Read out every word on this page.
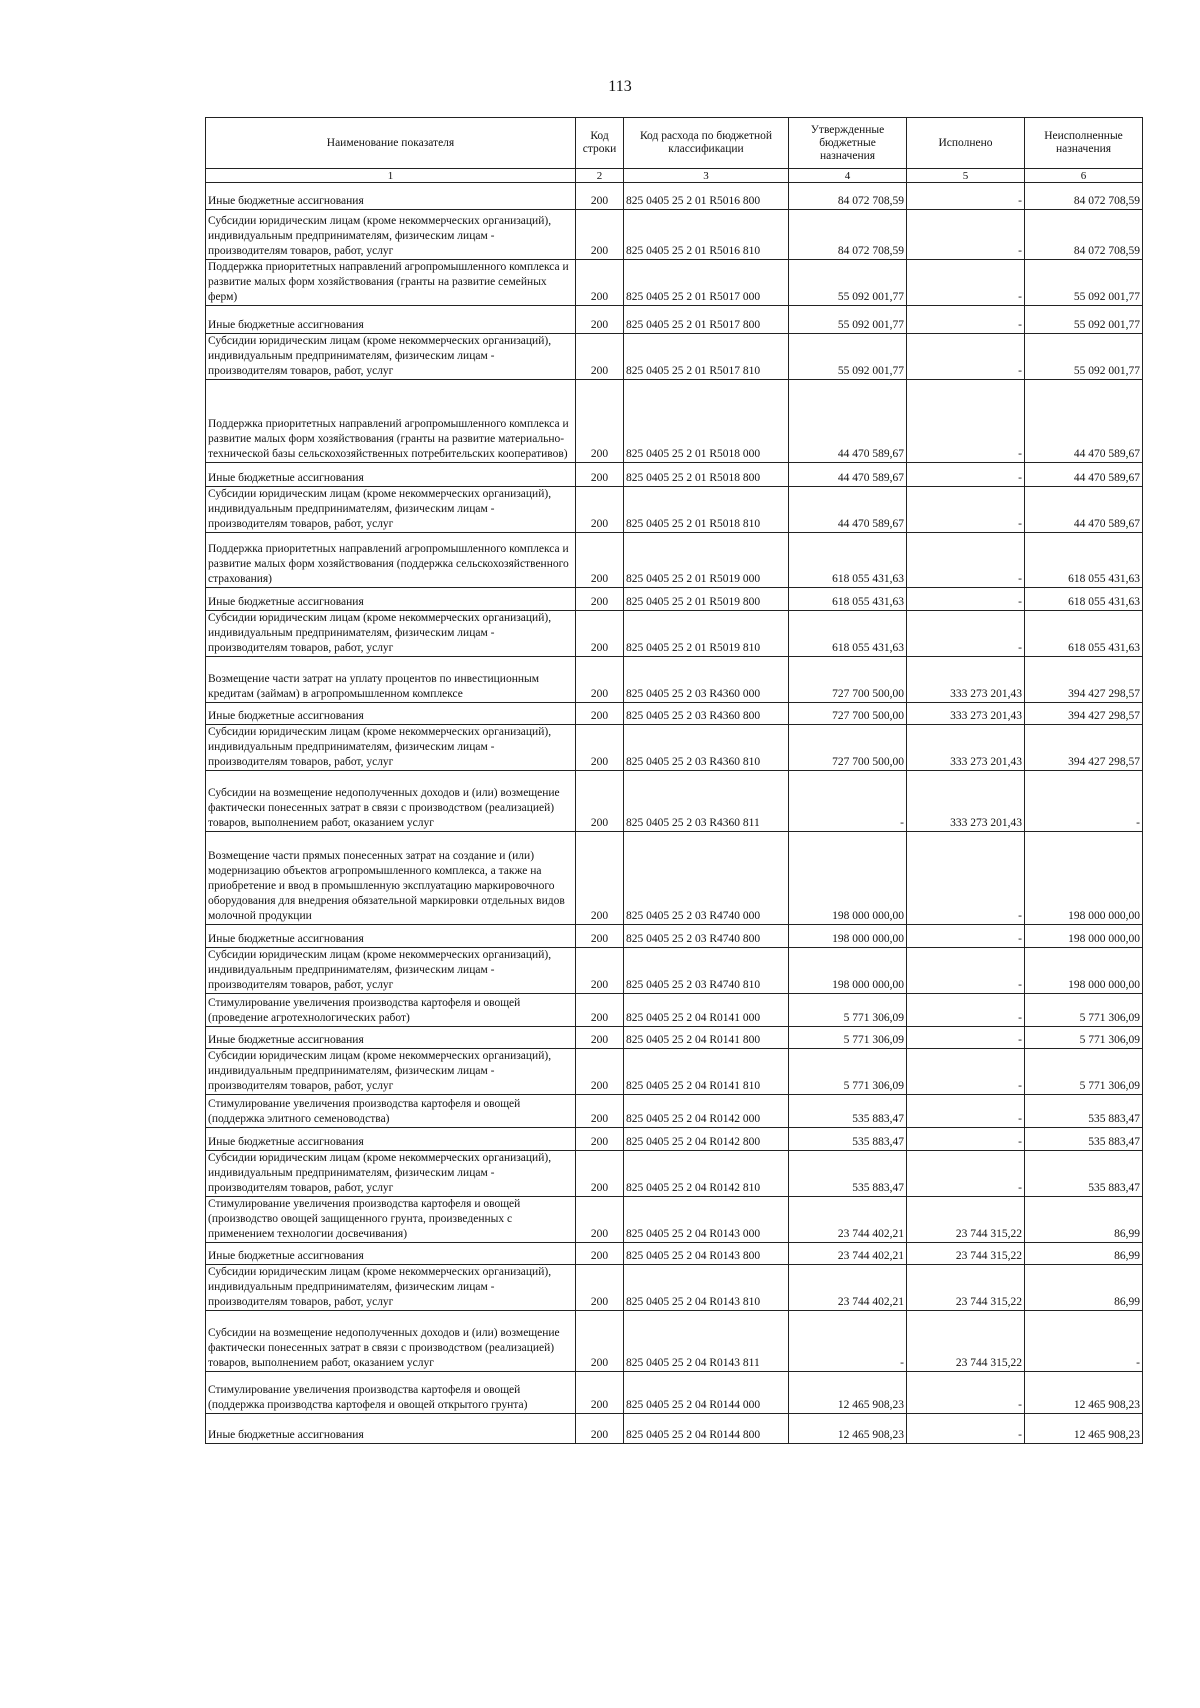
113
Наименование показателя	Код строки	Код расхода по бюджетной классификации	Утвержденные бюджетные назначения	Исполнено	Неисполненные назначения
1	2	3	4	5	6
Иные бюджетные ассигнования	200	825 0405 25 2 01 R5016 800	84 072 708,59	-	84 072 708,59
Субсидии юридическим лицам (кроме некоммерческих организаций), индивидуальным предпринимателям, физическим лицам - производителям товаров, работ, услуг	200	825 0405 25 2 01 R5016 810	84 072 708,59	-	84 072 708,59
Поддержка приоритетных направлений агропромышленного комплекса и развитие малых форм хозяйствования (гранты на развитие семейных ферм)	200	825 0405 25 2 01 R5017 000	55 092 001,77	-	55 092 001,77
Иные бюджетные ассигнования	200	825 0405 25 2 01 R5017 800	55 092 001,77	-	55 092 001,77
Субсидии юридическим лицам (кроме некоммерческих организаций), индивидуальным предпринимателям, физическим лицам - производителям товаров, работ, услуг	200	825 0405 25 2 01 R5017 810	55 092 001,77	-	55 092 001,77
Поддержка приоритетных направлений агропромышленного комплекса и развитие малых форм хозяйствования (гранты на развитие материально-технической базы сельскохозяйственных потребительских кооперативов)	200	825 0405 25 2 01 R5018 000	44 470 589,67	-	44 470 589,67
Иные бюджетные ассигнования	200	825 0405 25 2 01 R5018 800	44 470 589,67	-	44 470 589,67
Субсидии юридическим лицам (кроме некоммерческих организаций), индивидуальным предпринимателям, физическим лицам - производителям товаров, работ, услуг	200	825 0405 25 2 01 R5018 810	44 470 589,67	-	44 470 589,67
Поддержка приоритетных направлений агропромышленного комплекса и развитие малых форм хозяйствования (поддержка сельскохозяйственного страхования)	200	825 0405 25 2 01 R5019 000	618 055 431,63	-	618 055 431,63
Иные бюджетные ассигнования	200	825 0405 25 2 01 R5019 800	618 055 431,63	-	618 055 431,63
Субсидии юридическим лицам (кроме некоммерческих организаций), индивидуальным предпринимателям, физическим лицам - производителям товаров, работ, услуг	200	825 0405 25 2 01 R5019 810	618 055 431,63	-	618 055 431,63
Возмещение части затрат на уплату процентов по инвестиционным кредитам (займам) в агропромышленном комплексе	200	825 0405 25 2 03 R4360 000	727 700 500,00	333 273 201,43	394 427 298,57
Иные бюджетные ассигнования	200	825 0405 25 2 03 R4360 800	727 700 500,00	333 273 201,43	394 427 298,57
Субсидии юридическим лицам (кроме некоммерческих организаций), индивидуальным предпринимателям, физическим лицам - производителям товаров, работ, услуг	200	825 0405 25 2 03 R4360 810	727 700 500,00	333 273 201,43	394 427 298,57
Субсидии на возмещение недополученных доходов и (или) возмещение фактически понесенных затрат в связи с производством (реализацией) товаров, выполнением работ, оказанием услуг	200	825 0405 25 2 03 R4360 811	-	333 273 201,43	-
Возмещение части прямых понесенных затрат на создание и (или) модернизацию объектов агропромышленного комплекса, а также на приобретение и ввод в промышленную эксплуатацию маркировочного оборудования для внедрения обязательной маркировки отдельных видов молочной продукции	200	825 0405 25 2 03 R4740 000	198 000 000,00	-	198 000 000,00
Иные бюджетные ассигнования	200	825 0405 25 2 03 R4740 800	198 000 000,00	-	198 000 000,00
Субсидии юридическим лицам (кроме некоммерческих организаций), индивидуальным предпринимателям, физическим лицам - производителям товаров, работ, услуг	200	825 0405 25 2 03 R4740 810	198 000 000,00	-	198 000 000,00
Стимулирование увеличения производства картофеля и овощей (проведение агротехнологических работ)	200	825 0405 25 2 04 R0141 000	5 771 306,09	-	5 771 306,09
Иные бюджетные ассигнования	200	825 0405 25 2 04 R0141 800	5 771 306,09	-	5 771 306,09
Субсидии юридическим лицам (кроме некоммерческих организаций), индивидуальным предпринимателям, физическим лицам - производителям товаров, работ, услуг	200	825 0405 25 2 04 R0141 810	5 771 306,09	-	5 771 306,09
Стимулирование увеличения производства картофеля и овощей (поддержка элитного семеноводства)	200	825 0405 25 2 04 R0142 000	535 883,47	-	535 883,47
Иные бюджетные ассигнования	200	825 0405 25 2 04 R0142 800	535 883,47	-	535 883,47
Субсидии юридическим лицам (кроме некоммерческих организаций), индивидуальным предпринимателям, физическим лицам - производителям товаров, работ, услуг	200	825 0405 25 2 04 R0142 810	535 883,47	-	535 883,47
Стимулирование увеличения производства картофеля и овощей (производство овощей защищенного грунта, произведенных с применением технологии досвечивания)	200	825 0405 25 2 04 R0143 000	23 744 402,21	23 744 315,22	86,99
Иные бюджетные ассигнования	200	825 0405 25 2 04 R0143 800	23 744 402,21	23 744 315,22	86,99
Субсидии юридическим лицам (кроме некоммерческих организаций), индивидуальным предпринимателям, физическим лицам - производителям товаров, работ, услуг	200	825 0405 25 2 04 R0143 810	23 744 402,21	23 744 315,22	86,99
Субсидии на возмещение недополученных доходов и (или) возмещение фактически понесенных затрат в связи с производством (реализацией) товаров, выполнением работ, оказанием услуг	200	825 0405 25 2 04 R0143 811	-	23 744 315,22	-
Стимулирование увеличения производства картофеля и овощей (поддержка производства картофеля и овощей открытого грунта)	200	825 0405 25 2 04 R0144 000	12 465 908,23	-	12 465 908,23
Иные бюджетные ассигнования	200	825 0405 25 2 04 R0144 800	12 465 908,23	-	12 465 908,23
